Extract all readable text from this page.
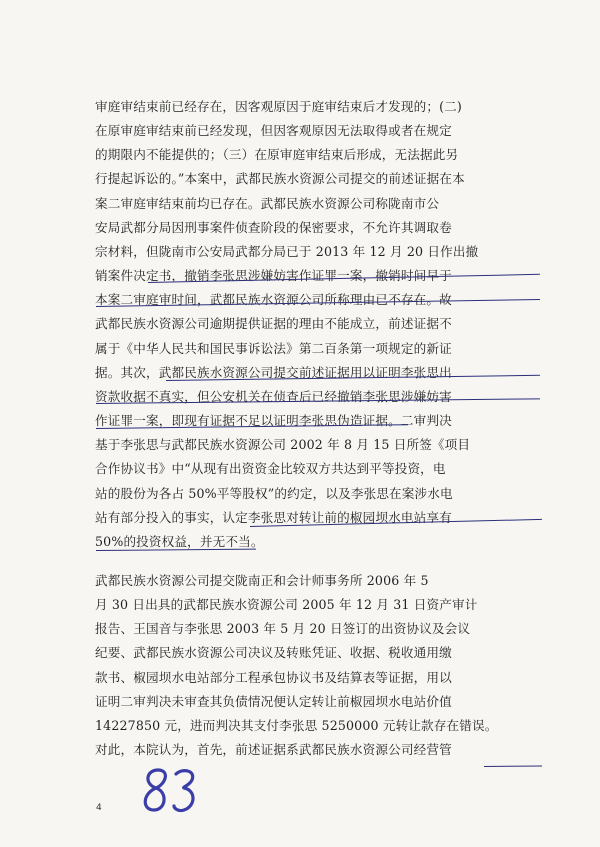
审庭审结束前已经存在，因客观原因于庭审结束后才发现的；(二)
在原审庭审结束前已经发现，但因客观原因无法取得或者在规定
的期限内不能提供的；（三）在原审庭审结束后形成，无法据此另
行提起诉讼的。”本案中，武都民族水资源公司提交的前述证据在本
案二审庭审结束前均已存在。武都民族水资源公司称陇南市公
安局武都分局因刑事案件侦查阶段的保密要求，不允许其调取卷
宗材料，但陇南市公安局武都分局已于 2013 年 12 月 20 日作出撤
销案件决定书，撤销李张思涉嫌妨害作证罪一案，撤销时间早于
本案二审庭审时间，武都民族水资源公司所称理由已不存在。故
武都民族水资源公司逾期提供证据的理由不能成立，前述证据不
属于《中华人民共和国民事诉讼法》第二百条第一项规定的新证
据。其次，武都民族水资源公司提交前述证据用以证明李张思出
资款收据不真实，但公安机关在侦查后已经撤销李张思涉嫌妨害
作证罪一案，即现有证据不足以证明李张思伪造证据。二审判决
基于李张思与武都民族水资源公司 2002 年 8 月 15 日所签《项目
合作协议书》中“从现有出资资金比较双方共达到平等投资，电
站的股份为各占 50%平等股权”的约定，以及李张思在案涉水电
站有部分投入的事实，认定李张思对转让前的椒园坝水电站享有
50%的投资权益，并无不当。
武都民族水资源公司提交陇南正和会计师事务所 2006 年 5
月 30 日出具的武都民族水资源公司 2005 年 12 月 31 日资产审计
报告、王国音与李张思 2003 年 5 月 20 日签订的出资协议及会议
纪要、武都民族水资源公司决议及转账凭证、收据、税收通用缴
款书、椒园坝水电站部分工程承包协议书及结算表等证据，用以
证明二审判决未审查其负债情况便认定转让前椒园坝水电站价值
14227850 元，进而判决其支付李张思 5250000 元转让款存在错误。
对此，本院认为，首先，前述证据系武都民族水资源公司经营管
4
